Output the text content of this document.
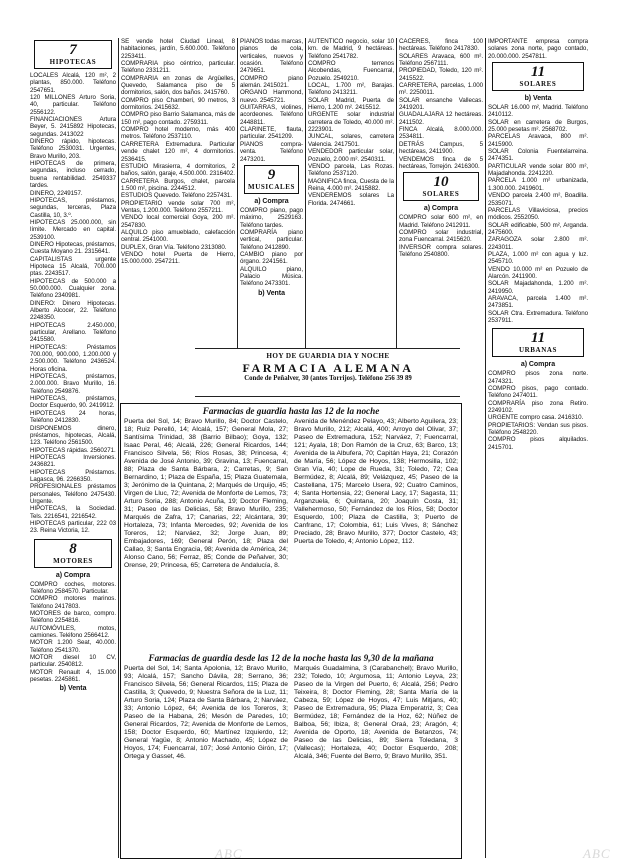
7
HIPOTECAS

LOCALES Alcalá, 120 m², 2 plantas, 850.000. Teléfono 2547651.

120 MILLONES Arturo Soria, 40, particular. Teléfono 2556122.

FINANCIACIONES Artura Beyer, 5. 2415892 Hipotecas, segundas. 2413022

DINERO rápido, hipotecas. Teléfono 2530031. Urgentes, Bravo Murillo, 203.

HIPOTECAS de primera, segundas, incluso cerrado, buena rentabilidad. 2549337 tardes.

DINERO, 2249157.

HIPOTECAS, préstamos, segundas, terceras, Plaza Castilla, 10, 3.º.

HIPOTECAS 25.000.000, sin límite. Mercado en capital. 2539100.

DINERO Hipotecas, préstamos, Cuesta Moyano 21. 2315641.

CAPITALISTAS urgente Hipoteca 15 Alcalá, 700.000 ptas. 2243517.

HIPOTECAS de 500.000 a 50.000.000. Cualquier zona. Teléfono 2340981.

DINERO: Dinero Hipotecas. Alberto Alcocer, 22. Teléfono 2248350.

HIPOTECAS 2.450.000, particular, Arellano. Teléfono 2415580.

HIPOTECAS: Préstamos 700.000, 900.000, 1.200.000 y 2.500.000. Teléfono 2436524. Horas oficina.

HIPOTECAS, préstamos, 2.000.000. Bravo Murillo, 16. Teléfono 2549876.

HIPOTECAS, préstamos, Doctor Esquerdo, 90. 2419912.

HIPOTECAS 24 horas, Teléfono 2412830.

DISPONEMOS dinero, préstamos, hipotecas, Alcalá, 123. Teléfono 2561500.

HIPOTECAS rápidas. 2560271.

HIPOTECAS Inversiones. 2436821.

HIPOTECAS Préstamos. Lagasca, 96. 2266350.

PROFESIONALES préstamos personales, Teléfono 2475430. Urgente.

HIPOTECAS, la Sociedad. Tels. 2216541, 2216542.

HIPOTECAS particular, 222 03 23. Reina Victoria, 12.

8
MOTORES
a) Compra

COMPRO coches, motores. Teléfono 2584570. Particular.

COMPRO motores marinos. Teléfono 2417803.

MOTORES de barco, compro. Teléfono 2254816.

AUTOMÓVILES, motos, camiones. Teléfono 2566412.

MOTOR 1.200 Seat, 40.000. Teléfono 2541370.

MOTOR diesel 10 CV, particular. 2540812.

MOTOR Renault 4, 15.000 pesetas. 2245861.

b) Venta

SE vende hotel Ciudad Lineal, 8 habitaciones, jardín, 5.600.000. Teléfono 2253411.

COMPRARIA piso céntrico, particular. Teléfono 2331211.

COMPRARIA en zonas de Argüelles, Quevedo, Salamanca piso de 5 dormitorios, salón, dos baños. 2415760.

COMPRO piso Chamberí, 90 metros, 3 dormitorios. 2415632.

COMPRO piso Barrio Salamanca, más de 150 m², pago contado. 2759311.

COMPRO hotel moderno, más 400 metros. Teléfono 2537110.

CARRETERA Extremadura. Particular vende chalet 120 m², 4 dormitorios. 2536415.

ESTUDIO Mirasierra, 4 dormitorios, 2 baños, salón, garaje, 4.500.000. 2316402.

CARRETERA Burgos, chalet, parcela 1.500 m², piscina. 2244512.

ESTUDIOS Quevedo. Teléfono 2257431.

PROPIETARIO vende solar 700 m², Ventas, 1.200.000. Teléfono 2557211.

VENDO local comercial Goya, 200 m². 2547830.

ALQUILO piso amueblado, calefacción central. 2541000.

DUPLEX, Gran Vía. Teléfono 2313080.

VENDO hotel Puerta de Hierro, 15.000.000. 2547211.

PIANOS todas marcas, pianos de cola, verticales, nuevos y ocasión. Teléfono 2479651.

COMPRO piano alemán. 2415021.

ORGANO Hammond, nuevo. 2545721.

GUITARRAS, violines, acordeones. Teléfono 2448811.

CLARINETE, flauta, particular. 2541209.

PIANOS compra-venta. Teléfono 2473201.

9
MUSICALES
a) Compra

COMPRO piano, pago máximo, 2529163. Teléfono tardes.

COMPRARÍA piano vertical, particular. Teléfono 2412890.

CAMBIO piano por órgano. 2241561.

ALQUILO piano, Palacio Música. Teléfono 2473301.

b) Venta

AUTENTICO negocio, solar 10 km. de Madrid, 9 hectáreas. Teléfono 2541782.

COMPRO terrenos Alcobendas, Fuencarral, Pozuelo. 2549210.

LOCAL, 1.700 m², Barajas. Teléfono 2413211.

SOLAR Madrid, Puerta de Hierro, 1.200 m². 2415512.

URGENTE solar industrial carretera de Toledo, 40.000 m². 2223901.

JUNCAL, solares, carretera Valencia. 2417501.

VENDEDOR particular solar, Pozuelo, 2.000 m². 2540311.

VENDO parcela, Las Rozas. Teléfono 2537120.

MAGNIFICA finca, Cuesta de la Reina, 4.000 m². 2415882.

VENDEREMOS solares La Florida. 2474661.

CACERES, finca 100 hectáreas. Teléfono 2417830.

SOLARES Aravaca, 600 m². Teléfono 2567111.

PROPIEDAD, Toledo, 120 m². 2415522.

CARRETERA, parcelas, 1.000 m². 2250011.

SOLAR ensanche Vallecas. 2419201.

GUADALAJARA 12 hectáreas. 2411502.

FINCA Alcalá, 8.000.000. 2534811.

DETRÁS Campus, 5 hectáreas, 2411900.

VENDEMOS finca de 5 hectáreas, Torrejón. 2416300.

10
SOLARES
a) Compra

COMPRO solar 600 m², en Madrid. Teléfono 2412911.

COMPRO solar industrial, zona Fuencarral. 2415620.

INVERSOR compra solares. Teléfono 2540800.

IMPORTANTE empresa compra solares zona norte, pago contado, 20.000.000. 2547811.

11
SOLARES
b) Venta

SOLAR 16.000 m², Madrid. Teléfono 2410112.

SOLAR en carretera de Burgos, 25.000 pesetas m². 2568702.

PARCELAS Aravaca, 800 m². 2415900.

SOLAR Colonia Fuentelarreina. 2474351.

PARTICULAR vende solar 800 m², Majadahonda. 2241220.

PARCELA 1.000 m² urbanizada, 1.300.000. 2419601.

VENDO parcela 2.400 m², Boadilla. 2535071.

PARCELAS Villaviciosa, precios módicos. 2552050.

SOLAR edificable, 500 m², Arganda. 2475600.

ZARAGOZA solar 2.800 m². 2243011.

PLAZA, 1.000 m² con agua y luz. 2545710.

VENDO 10.000 m² en Pozuelo de Alarcón. 2411900.

SOLAR Majadahonda, 1.200 m². 2419950.

ARAVACA, parcela 1.400 m². 2473851.

SOLAR Ctra. Extremadura. Teléfono 2537911.

11
URBANAS
a) Compra

COMPRO pisos zona norte. 2474321.

COMPRO pisos, pago contado. Teléfono 2474011.

COMPRARÍA piso zona Retiro. 2249102.

URGENTE compro casa. 2416310.

PROPIETARIOS: Vendan sus pisos. Teléfono 2548220.

COMPRO pisos alquilados. 2415701.

HOY DE GUARDIA DIA Y NOCHE
FARMACIA ALEMANA
Conde de Peñalver, 30 (antes Torrijos). Teléfono 256 39 89
Farmacias de guardia hasta las 12 de la noche

Puerta del Sol, 14; Bravo Murillo, 84; Doctor Castelo, 18; Ruiz Perelló, 14; Alcalá, 157; General Mola, 27; Santísima Trinidad, 38 (Barrio Bilbao); Goya, 132; Isaac Peral, 46; Alcalá, 226; General Ricardos, 144; Francisco Silvela, 56; Ríos Rosas, 38; Princesa, 4; Avenida de José Antonio, 39; Gravina, 13; Fuencarral, 88; Plaza de Santa Bárbara, 2; Carretas, 9; San Bernardino, 1; Plaza de España, 15; Plaza Guatemala, 3; Jerónimo de la Quintana, 2; Marqués de Urquijo, 45; Virgen de Lluc, 72; Avenida de Monforte de Lemos, 73; Arturo Soria, 288; Antonio Acuña, 19; Doctor Fleming, 31; Paseo de las Delicias, 58; Bravo Murillo, 235; Marqués de Zafra, 17; Canarias, 22; Alcántara, 39; Hortaleza, 73; Infanta Mercedes, 92; Avenida de los Toreros, 12; Narváez, 32; Jorge Juan, 89; Embajadores, 169; General Perón, 18; Plaza del Callao, 3; Santa Engracia, 98; Avenida de América, 24; Alonso Cano, 56; Ferraz, 85; Conde de Peñalver, 30; Orense, 29; Princesa, 65; Carretera de Andalucía, 8.

Avenida de Menéndez Pelayo, 43; Alberto Aguilera, 23; Bravo Murillo, 212; Alcalá, 400; Arroyo del Olivar, 37; Paseo de Extremadura, 152; Narváez, 7; Fuencarral, 121; Ayala, 18; Don Ramón de la Cruz, 63; Barco, 13; Avenida de la Albufera, 70; Capitán Haya, 21; Corazón de María, 56; López de Hoyos, 138; Hermosilla, 102; Gran Vía, 40; Lope de Rueda, 31; Toledo, 72; Cea Bermúdez, 8; Alcalá, 89; Velázquez, 45; Paseo de la Castellana, 175; Marcelo Usera, 92; Cuatro Caminos, 4; Santa Hortensia, 22; General Lacy, 17; Sagasta, 11; Arganzuela, 6; Quintana, 20; Joaquín Costa, 31; Vallehermoso, 50; Fernández de los Ríos, 58; Doctor Esquerdo, 100; Plaza de Castilla, 3; Puerto de Canfranc, 17; Colombia, 61; Luis Vives, 8; Sánchez Preciado, 28; Bravo Murillo, 377; Doctor Castelo, 43; Puerta de Toledo, 4; Antonio López, 112.

Farmacias de guardia desde las 12 de la noche hasta las 9,30 de la mañana

Puerta del Sol, 14; Santa Apolonia, 12; Bravo Murillo, 93; Alcalá, 157; Sancho Dávila, 28; Serrano, 36; Francisco Silvela, 56; General Ricardos, 115; Plaza de Castilla, 3; Quevedo, 9; Nuestra Señora de la Luz, 11; Arturo Soria, 124; Plaza de Santa Bárbara, 2; Narváez, 33; Antonio López, 64; Avenida de los Toreros, 3; Paseo de la Habana, 26; Mesón de Paredes, 10; General Ricardos, 72; Avenida de Monforte de Lemos, 158; Doctor Esquerdo, 60; Martínez Izquierdo, 12; General Yagüe, 8; Antonio Machado, 45; López de Hoyos, 174; Fuencarral, 107; José Antonio Girón, 17; Ortega y Gasset, 46.

Marqués Guadalmina, 3 (Carabanchel); Bravo Murillo, 232; Toledo, 10; Argumosa, 11; Antonio Leyva, 23; Paseo de la Virgen del Puerto, 6; Alcalá, 256; Pedro Teixeira, 8; Doctor Fleming, 28; Santa María de la Cabeza, 59; López de Hoyos, 47; Luis Mitjans, 40; Paseo de Extremadura, 95; Plaza Emperatriz, 3; Cea Bermúdez, 18; Fernández de la Hoz, 62; Núñez de Balboa, 56; Ibiza, 8; General Oraá, 23; Aragón, 4; Avenida de Oporto, 18; Avenida de Betanzos, 74; Paseo de las Delicias, 89; Sierra Toledana, 3 (Vallecas); Hortaleza, 40; Doctor Esquerdo, 208; Alcalá, 346; Fuente del Berro, 9; Bravo Murillo, 351.

ABC	ABC
